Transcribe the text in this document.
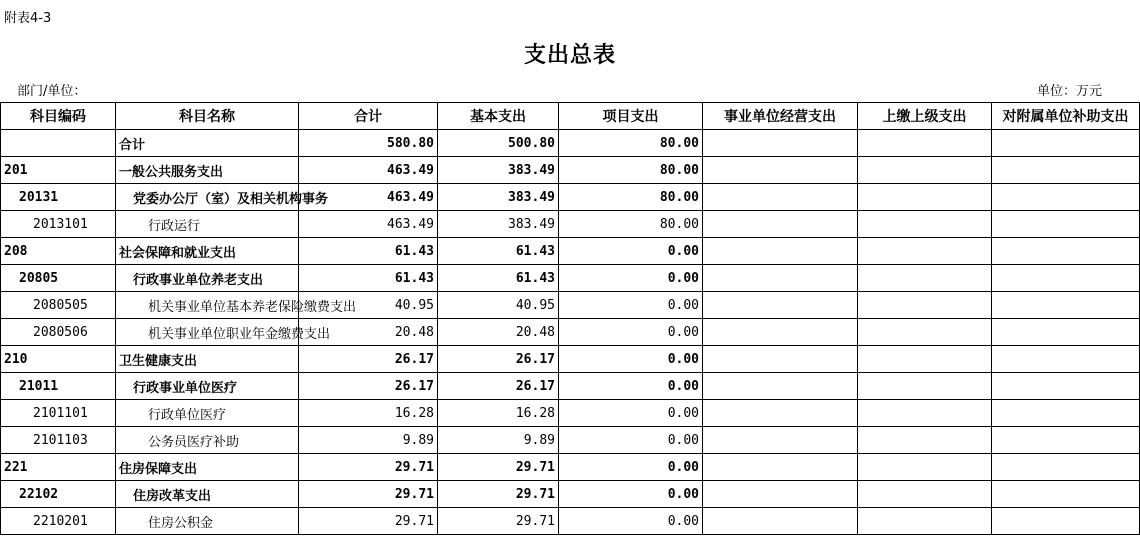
附表4-3
支出总表
部门/单位：	单位：万元
科目编码	科目名称	合计	基本支出	项目支出	事业单位经营支出	上缴上级支出	对附属单位补助支出
	合计	580.80	500.80	80.00			
201	一般公共服务支出	463.49	383.49	80.00			
20131	党委办公厅（室）及相关机构事务	463.49	383.49	80.00			
2013101	行政运行	463.49	383.49	80.00			
208	社会保障和就业支出	61.43	61.43	0.00			
20805	行政事业单位养老支出	61.43	61.43	0.00			
2080505	机关事业单位基本养老保险缴费支出	40.95	40.95	0.00			
2080506	机关事业单位职业年金缴费支出	20.48	20.48	0.00			
210	卫生健康支出	26.17	26.17	0.00			
21011	行政事业单位医疗	26.17	26.17	0.00			
2101101	行政单位医疗	16.28	16.28	0.00			
2101103	公务员医疗补助	9.89	9.89	0.00			
221	住房保障支出	29.71	29.71	0.00			
22102	住房改革支出	29.71	29.71	0.00			
2210201	住房公积金	29.71	29.71	0.00			
